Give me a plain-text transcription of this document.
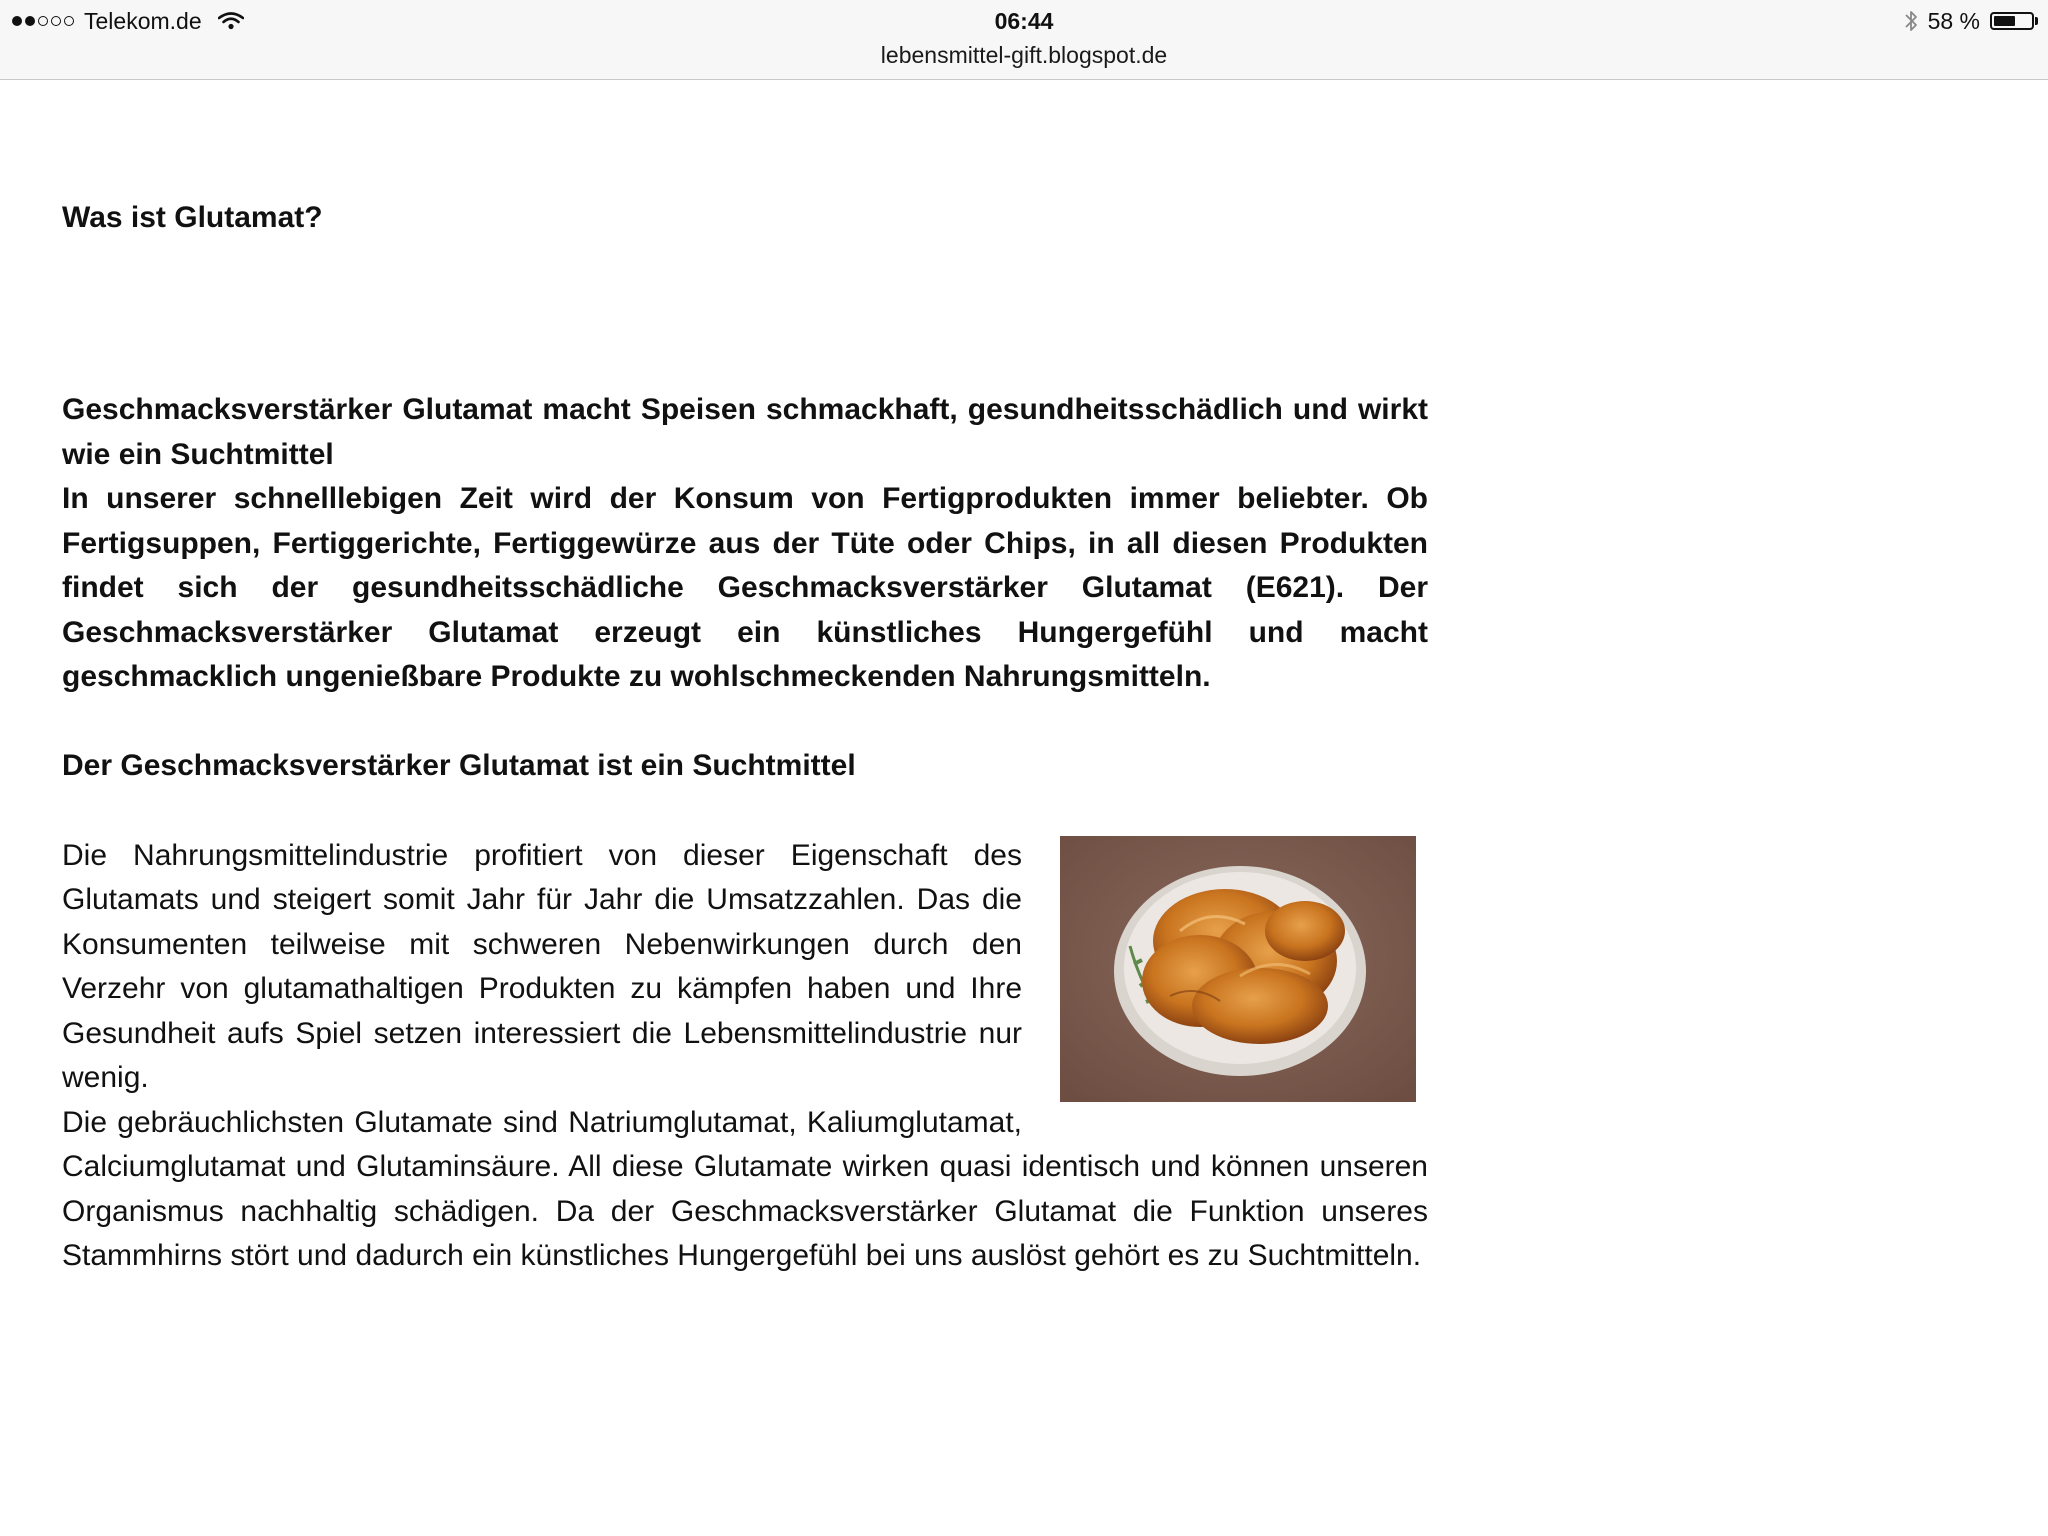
Telekom.de	06:44
lebensmittel-gift.blogspot.de
58 %
Was ist Glutamat?

Geschmacksverstärker Glutamat macht Speisen schmackhaft, gesundheitsschädlich und wirkt wie ein Suchtmittel

In unserer schnelllebigen Zeit wird der Konsum von Fertigprodukten immer beliebter. Ob Fertigsuppen, Fertiggerichte, Fertiggewürze aus der Tüte oder Chips, in all diesen Produkten findet sich der gesundheitsschädliche Geschmacksverstärker Glutamat (E621). Der Geschmacksverstärker Glutamat erzeugt ein künstliches Hungergefühl und macht geschmacklich ungenießbare Produkte zu wohlschmeckenden Nahrungsmitteln.

Der Geschmacksverstärker Glutamat ist ein Suchtmittel

Die Nahrungsmittelindustrie profitiert von dieser Eigenschaft des Glutamats und steigert somit Jahr für Jahr die Umsatzzahlen. Das die Konsumenten teilweise mit schweren Nebenwirkungen durch den Verzehr von glutamathaltigen Produkten zu kämpfen haben und Ihre Gesundheit aufs Spiel setzen interessiert die Lebensmittelindustrie nur wenig.

Die gebräuchlichsten Glutamate sind Natriumglutamat, Kaliumglutamat, Calciumglutamat und Glutaminsäure. All diese Glutamate wirken quasi identisch und können unseren Organismus nachhaltig schädigen. Da der Geschmacksverstärker Glutamat die Funktion unseres Stammhirns stört und dadurch ein künstliches Hungergefühl bei uns auslöst gehört es zu Suchtmitteln.
